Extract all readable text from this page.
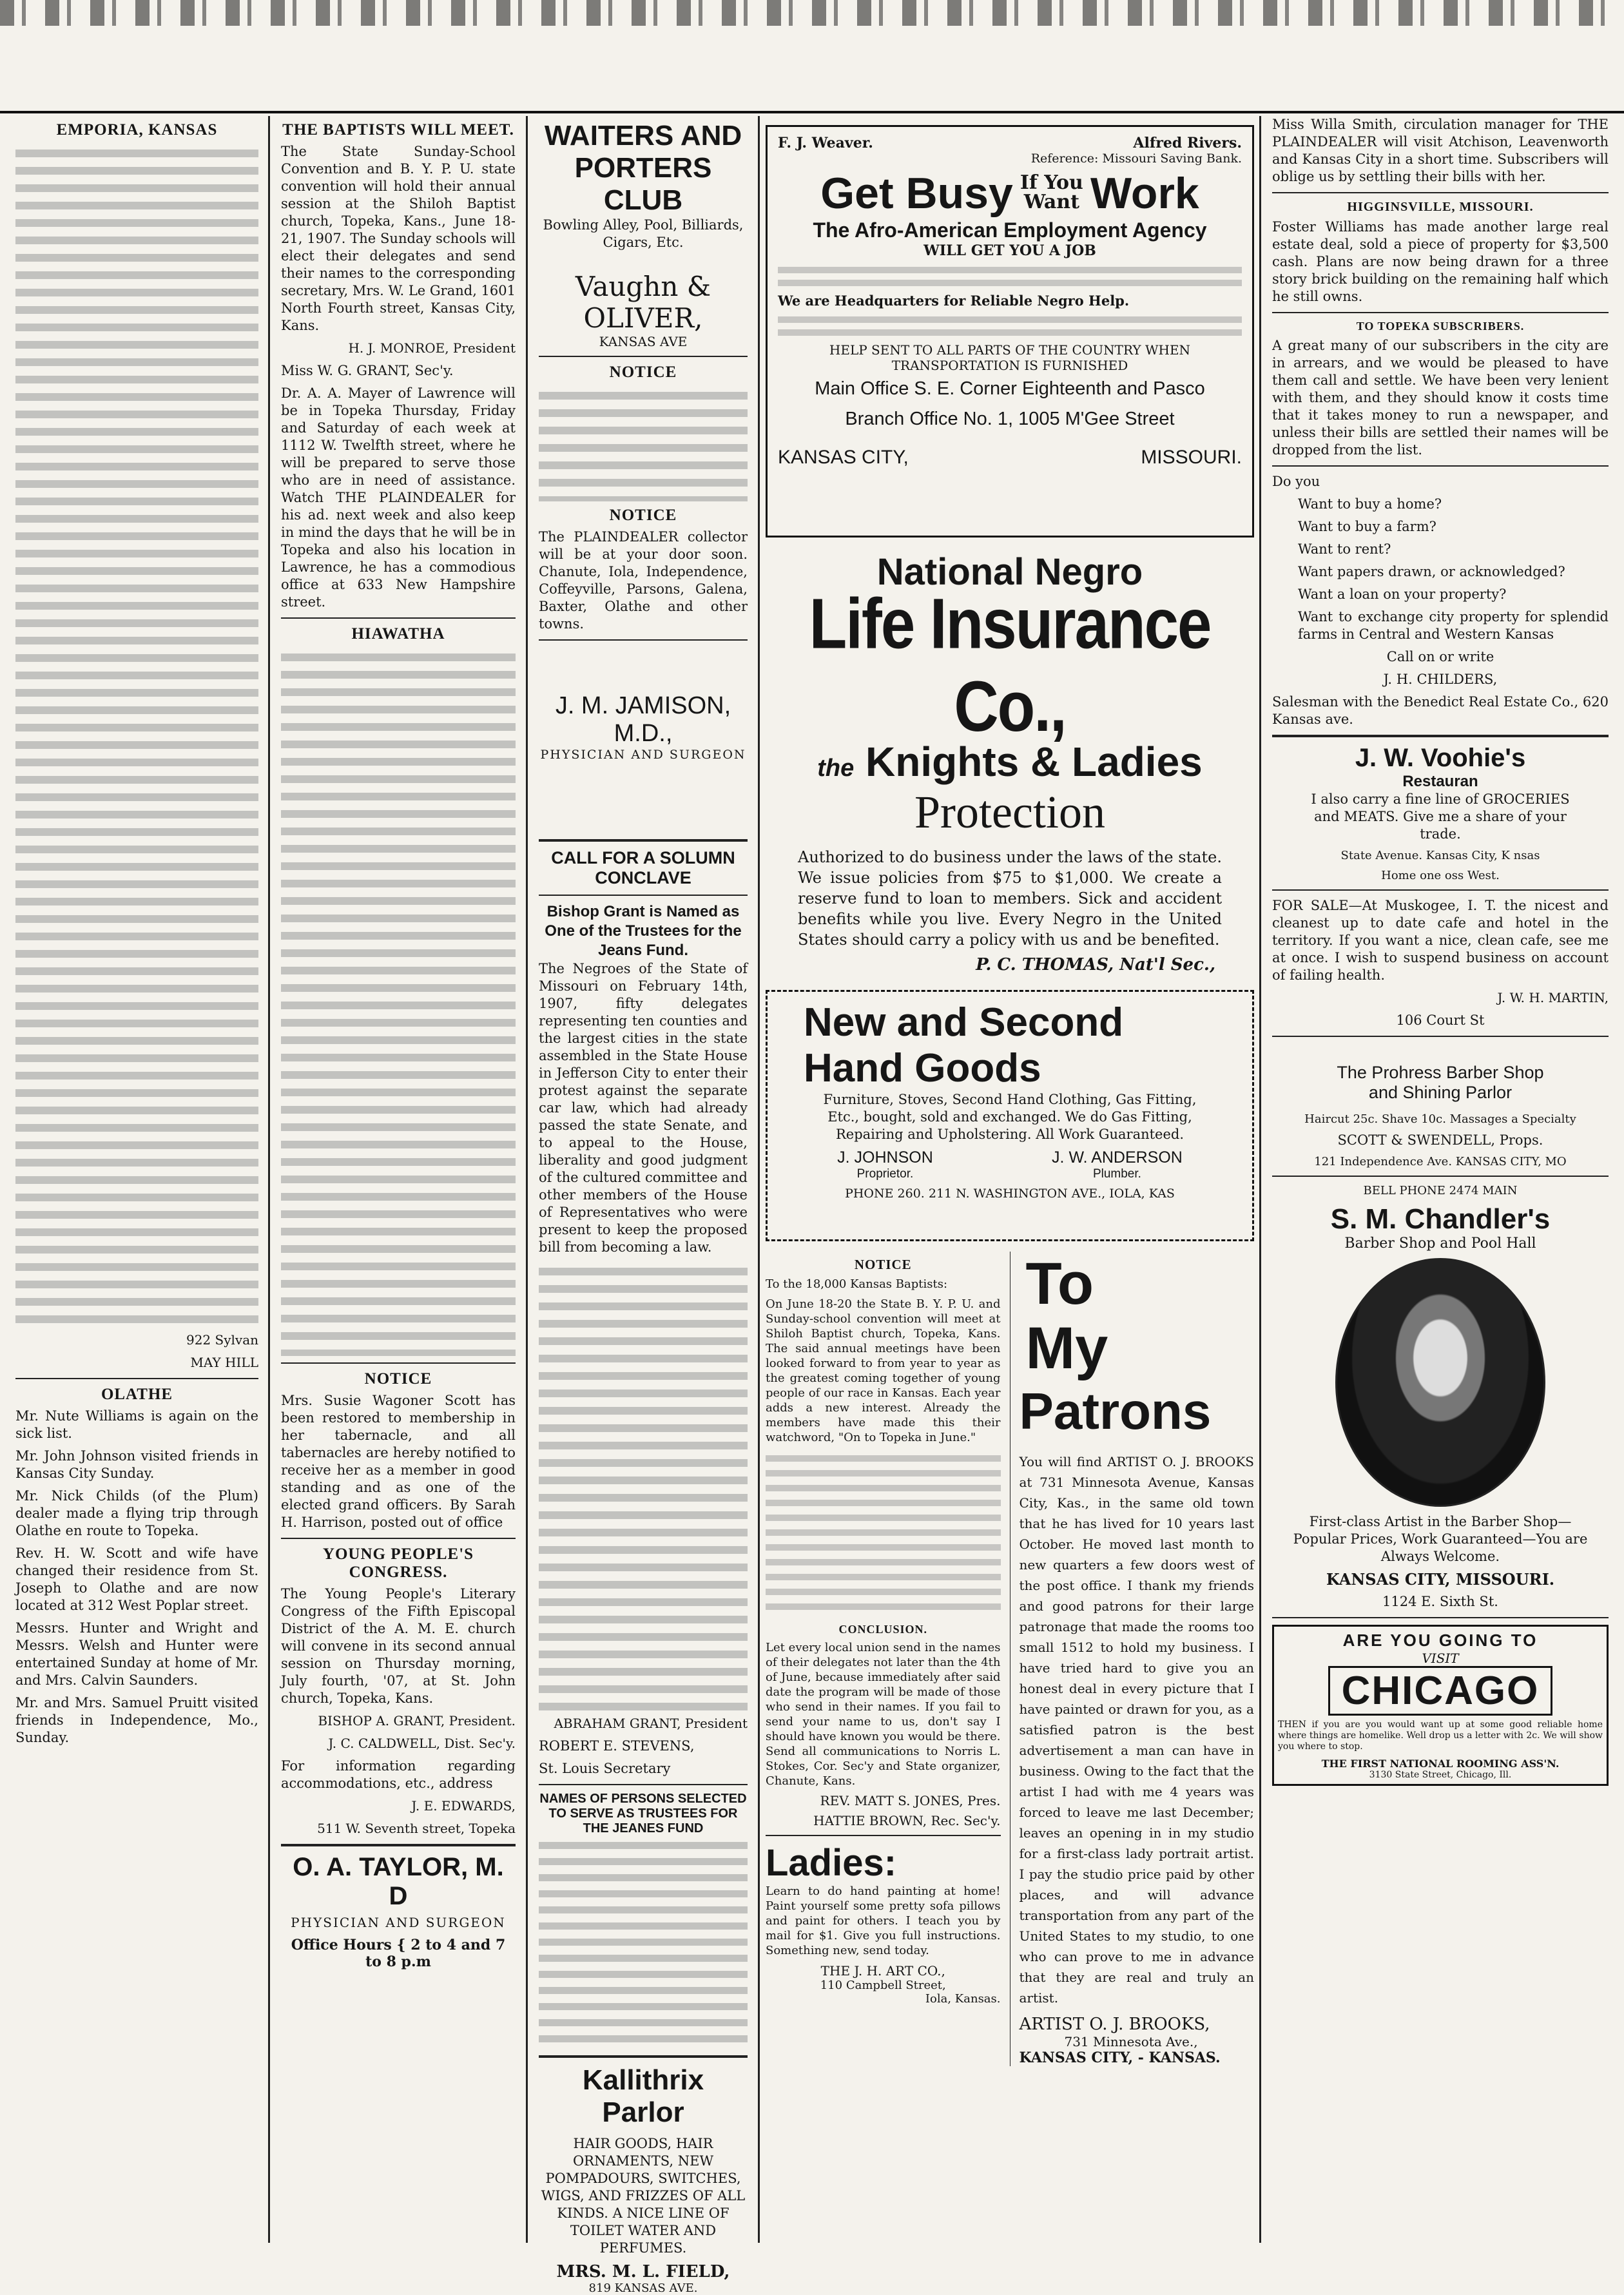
EMPORIA, KANSAS

922 Sylvan

MAY HILL

OLATHE

Mr. Nute Williams is again on the sick list.

Mr. John Johnson visited friends in Kansas City Sunday.

Mr. Nick Childs (of the Plum) dealer made a flying trip through Olathe en route to Topeka.

Rev. H. W. Scott and wife have changed their residence from St. Joseph to Olathe and are now located at 312 West Poplar street.

Messrs. Hunter and Wright and Messrs. Welsh and Hunter were entertained Sunday at home of Mr. and Mrs. Calvin Saunders.

Mr. and Mrs. Samuel Pruitt visited friends in Independence, Mo., Sunday.

THE BAPTISTS WILL MEET.

The State Sunday-School Convention and B. Y. P. U. state convention will hold their annual session at the Shiloh Baptist church, Topeka, Kans., June 18-21, 1907. The Sunday schools will elect their delegates and send their names to the corresponding secretary, Mrs. W. Le Grand, 1601 North Fourth street, Kansas City, Kans.

H. J. MONROE, President

Miss W. G. GRANT, Sec'y.

Dr. A. A. Mayer of Lawrence will be in Topeka Thursday, Friday and Saturday of each week at 1112 W. Twelfth street, where he will be prepared to serve those who are in need of assistance. Watch THE PLAINDEALER for his ad. next week and also keep in mind the days that he will be in Topeka and also his location in Lawrence, he has a commodious office at 633 New Hampshire street.

HIAWATHA
NOTICE

Mrs. Susie Wagoner Scott has been restored to membership in her tabernacle, and all tabernacles are hereby notified to receive her as a member in good standing and as one of the elected grand officers. By Sarah H. Harrison, posted out of office

YOUNG PEOPLE'S CONGRESS.

The Young People's Literary Congress of the Fifth Episcopal District of the A. M. E. church will convene in its second annual session on Thursday morning, July fourth, '07, at St. John church, Topeka, Kans.

BISHOP A. GRANT, President.

J. C. CALDWELL, Dist. Sec'y.

For information regarding accommodations, etc., address

J. E. EDWARDS,

511 W. Seventh street, Topeka

O. A. TAYLOR, M. D
PHYSICIAN AND SURGEON
Office Hours { 2 to 4 and 7 to 8 p.m
WAITERS AND PORTERS CLUB

Bowling Alley, Pool, Billiards, Cigars, Etc.

Vaughn & OLIVER,
KANSAS AVE
NOTICE
NOTICE

The PLAINDEALER collector will be at your door soon. Chanute, Iola, Independence, Coffeyville, Parsons, Galena, Baxter, Olathe and other towns.

J. M. JAMISON, M.D.,
PHYSICIAN AND SURGEON
CALL FOR A SOLUMN CONCLAVE
Bishop Grant is Named as One of the Trustees for the Jeans Fund.

The Negroes of the State of Missouri on February 14th, 1907, fifty delegates representing ten counties and the largest cities in the state assembled in the State House in Jefferson City to enter their protest against the separate car law, which had already passed the state Senate, and to appeal to the House, liberality and good judgment of the cultured committee and other members of the House of Representatives who were present to keep the proposed bill from becoming a law.

ABRAHAM GRANT, President

ROBERT E. STEVENS,

St. Louis Secretary

NAMES OF PERSONS SELECTED TO SERVE AS TRUSTEES FOR THE JEANES FUND
Kallithrix Parlor

HAIR GOODS, HAIR ORNAMENTS, NEW POMPADOURS, SWITCHES, WIGS, AND FRIZZES OF ALL KINDS. A NICE LINE OF TOILET WATER AND PERFUMES.

MRS. M. L. FIELD,
819 KANSAS AVE.
F. J. Weaver.	Alfred Rivers.
Reference: Missouri Saving Bank.
Get Busy If You Want Work
The Afro-American Employment Agency
WILL GET YOU A JOB
We are Headquarters for Reliable Negro Help.
HELP SENT TO ALL PARTS OF THE COUNTRY WHEN TRANSPORTATION IS FURNISHED
Main Office S. E. Corner Eighteenth and Pasco
Branch Office No. 1, 1005 M'Gee Street
KANSAS CITY,	MISSOURI.
National Negro
Life Insurance Co.,
the Knights & Ladies
Protection

Authorized to do business under the laws of the state. We issue policies from $75 to $1,000. We create a reserve fund to loan to members. Sick and accident benefits while you live. Every Negro in the United States should carry a policy with us and be benefited.

P. C. THOMAS, Nat'l Sec.,
New and Second
Hand Goods

Furniture, Stoves, Second Hand Clothing, Gas Fitting, Etc., bought, sold and exchanged. We do Gas Fitting, Repairing and Upholstering. All Work Guaranteed.

J. JOHNSON
Proprietor.
J. W. ANDERSON
Plumber.
PHONE 260. 211 N. WASHINGTON AVE., IOLA, KAS
NOTICE

To the 18,000 Kansas Baptists:

On June 18-20 the State B. Y. P. U. and Sunday-school convention will meet at Shiloh Baptist church, Topeka, Kans. The said annual meetings have been looked forward to from year to year as the greatest coming together of young people of our race in Kansas. Each year adds a new interest. Already the members have made this their watchword, "On to Topeka in June."

CONCLUSION.

Let every local union send in the names of their delegates not later than the 4th of June, because immediately after said date the program will be made of those who send in their names. If you fail to send your name to us, don't say I should have known you would be there. Send all communications to Norris L. Stokes, Cor. Sec'y and State organizer, Chanute, Kans.

REV. MATT S. JONES, Pres.

HATTIE BROWN, Rec. Sec'y.

Ladies:

Learn to do hand painting at home! Paint yourself some pretty sofa pillows and paint for others. I teach you by mail for $1. Give you full instructions. Something new, send today.

THE J. H. ART CO.,
110 Campbell Street,
Iola, Kansas.
To
My
Patrons

You will find ARTIST O. J. BROOKS at 731 Minnesota Avenue, Kansas City, Kas., in the same old town that he has lived for 10 years last October. He moved last month to new quarters a few doors west of the post office. I thank my friends and good patrons for their large patronage that made the rooms too small 1512 to hold my business. I have tried hard to give you an honest deal in every picture that I have painted or drawn for you, as a satisfied patron is the best advertisement a man can have in business. Owing to the fact that the artist I had with me 4 years was forced to leave me last December; leaves an opening in in my studio for a first-class lady portrait artist. I pay the studio price paid by other places, and will advance transportation from any part of the United States to my studio, to one who can prove to me in advance that they are real and truly an artist.

ARTIST O. J. BROOKS,
731 Minnesota Ave.,
KANSAS CITY, - KANSAS.

Miss Willa Smith, circulation manager for THE PLAINDEALER will visit Atchison, Leavenworth and Kansas City in a short time. Subscribers will oblige us by settling their bills with her.

HIGGINSVILLE, MISSOURI.

Foster Williams has made another large real estate deal, sold a piece of property for $3,500 cash. Plans are now being drawn for a three story brick building on the remaining half which he still owns.

TO TOPEKA SUBSCRIBERS.

A great many of our subscribers in the city are in arrears, and we would be pleased to have them call and settle. We have been very lenient with them, and they should know it costs time that it takes money to run a newspaper, and unless their bills are settled their names will be dropped from the list.

Do you

Want to buy a home?

Want to buy a farm?

Want to rent?

Want papers drawn, or acknowledged?

Want a loan on your property?

Want to exchange city property for splendid farms in Central and Western Kansas

Call on or write

J. H. CHILDERS,

Salesman with the Benedict Real Estate Co., 620 Kansas ave.

J. W. Voohie's
Restauran

I also carry a fine line of GROCERIES and MEATS. Give me a share of your trade.

State Avenue. Kansas City, K nsas

Home one oss West.

FOR SALE—At Muskogee, I. T. the nicest and cleanest up to date cafe and hotel in the territory. If you want a nice, clean cafe, see me at once. I wish to suspend business on account of failing health.

J. W. H. MARTIN,

106 Court St

The Prohress Barber Shop
and Shining Parlor

Haircut 25c. Shave 10c. Massages a Specialty

SCOTT & SWENDELL, Props.

121 Independence Ave. KANSAS CITY, MO

BELL PHONE 2474 MAIN

S. M. Chandler's
Barber Shop and Pool Hall

First-class Artist in the Barber Shop—Popular Prices, Work Guaranteed—You are Always Welcome.

KANSAS CITY, MISSOURI.

1124 E. Sixth St.

ARE YOU GOING TO
VISIT
CHICAGO

THEN if you are you would want up at some good reliable home where things are homelike. Well drop us a letter with 2c. We will show you where to stop.

THE FIRST NATIONAL ROOMING ASS'N.
3130 State Street, Chicago, Ill.
